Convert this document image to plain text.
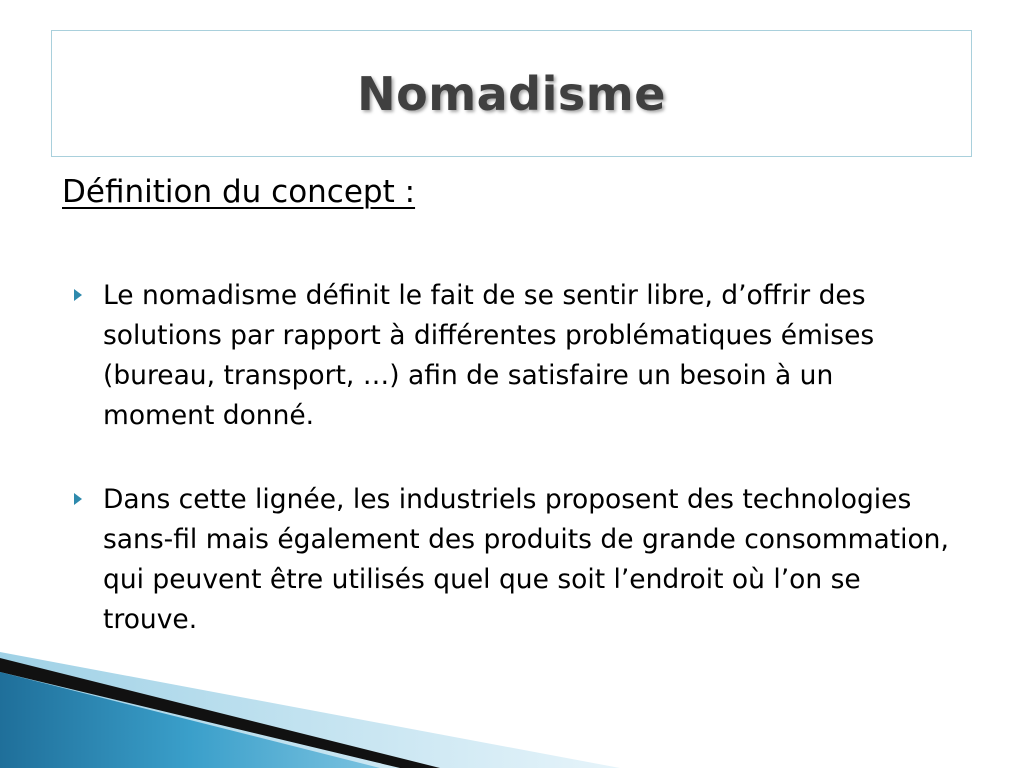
Nomadisme
Définition du concept :
Le nomadisme définit le fait de se sentir libre, d’offrir des solutions par rapport à différentes problématiques émises (bureau, transport, …) afin de satisfaire un besoin à un moment donné.
Dans cette lignée, les industriels proposent des technologies sans-fil mais également des produits de grande consommation, qui peuvent être utilisés quel que soit l’endroit où l’on se trouve.
